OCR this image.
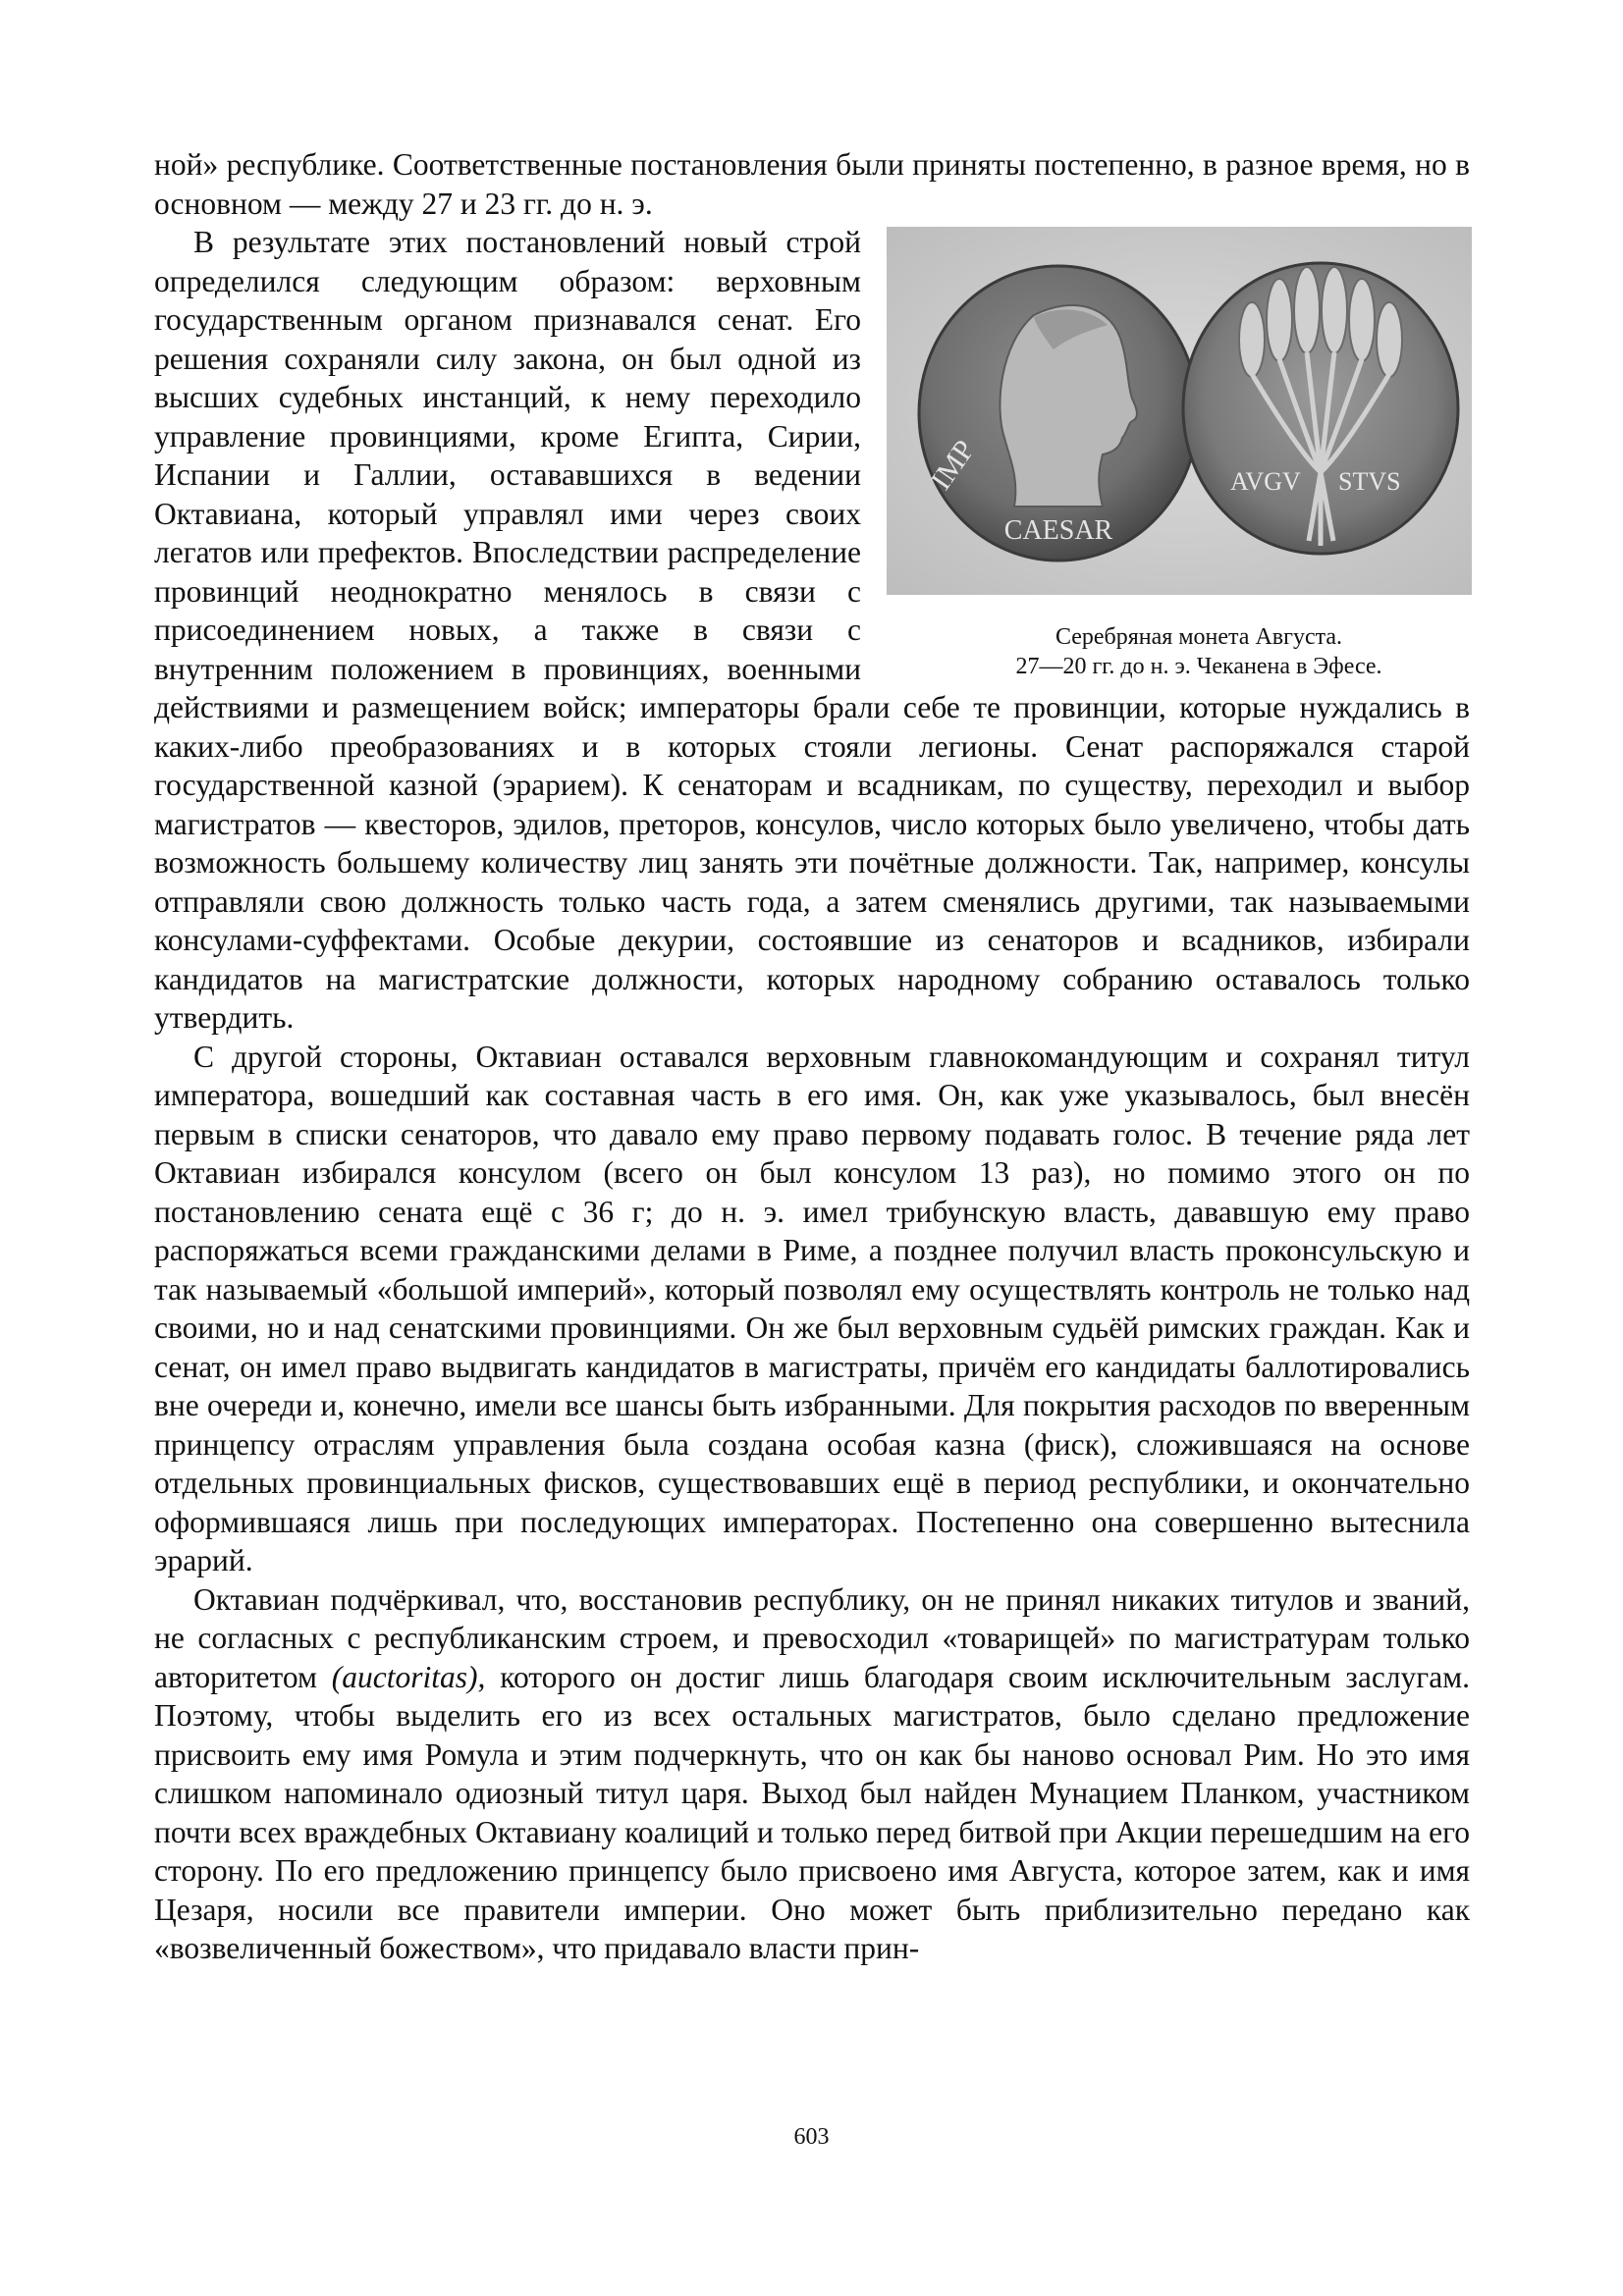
ной» республике. Соответственные постановления были приняты постепенно, в разное время, но в основном — между 27 и 23 гг. до н. э.

IMP
CAESAR
AVGV STVS
Серебряная монета Августа.
27—20 гг. до н. э. Чеканена в Эфесе.
В результате этих постановлений новый строй определился следующим образом: верховным государственным органом признавался сенат. Его решения сохраняли силу закона, он был одной из высших судебных инстанций, к нему переходило управление провинциями, кроме Египта, Сирии, Испании и Галлии, остававшихся в ведении Октавиана, который управлял ими через своих легатов или префектов. Впоследствии распределение провинций неоднократно менялось в связи с присоединением новых, а также в связи с внутренним положением в провинциях, военными действиями и размещением войск; императоры брали себе те провинции, которые нуждались в каких-либо преобразованиях и в которых стояли легионы. Сенат распоряжался старой государственной казной (эрарием). К сенаторам и всадникам, по существу, переходил и выбор магистратов — квесторов, эдилов, преторов, консулов, число которых было увеличено, чтобы дать возможность большему количеству лиц занять эти почётные должности. Так, например, консулы отправляли свою должность только часть года, а затем сменялись другими, так называемыми консулами-суффектами. Особые декурии, состоявшие из сенаторов и всадников, избирали кандидатов на магистратские должности, которых народному собранию оставалось только утвердить.

С другой стороны, Октавиан оставался верховным главнокомандующим и сохранял титул императора, вошедший как составная часть в его имя. Он, как уже указывалось, был внесён первым в списки сенаторов, что давало ему право первому подавать голос. В течение ряда лет Октавиан избирался консулом (всего он был консулом 13 раз), но помимо этого он по постановлению сената ещё с 36 г; до н. э. имел трибунскую власть, дававшую ему право распоряжаться всеми гражданскими делами в Риме, а позднее получил власть проконсульскую и так называемый «большой империй», который позволял ему осуществлять контроль не только над своими, но и над сенатскими провинциями. Он же был верховным судьёй римских граждан. Как и сенат, он имел право выдвигать кандидатов в магистраты, причём его кандидаты баллотировались вне очереди и, конечно, имели все шансы быть избранными. Для покрытия расходов по вверенным принцепсу отраслям управления была создана особая казна (фиск), сложившаяся на основе отдельных провинциальных фисков, существовавших ещё в период республики, и окончательно оформившаяся лишь при последующих императорах. Постепенно она совершенно вытеснила эрарий.

Октавиан подчёркивал, что, восстановив республику, он не принял никаких титулов и званий, не согласных с республиканским строем, и превосходил «товарищей» по магистратурам только авторитетом (auctoritas), которого он достиг лишь благодаря своим исключительным заслугам. Поэтому, чтобы выделить его из всех остальных магистратов, было сделано предложение присвоить ему имя Ромула и этим подчеркнуть, что он как бы наново основал Рим. Но это имя слишком напоминало одиозный титул царя. Выход был найден Мунацием Планком, участником почти всех враждебных Октавиану коалиций и только перед битвой при Акции перешедшим на его сторону. По его предложению принцепсу было присвоено имя Августа, которое затем, как и имя Цезаря, носили все правители империи. Оно может быть приблизительно передано как «возвеличенный божеством», что придавало власти прин-

603
